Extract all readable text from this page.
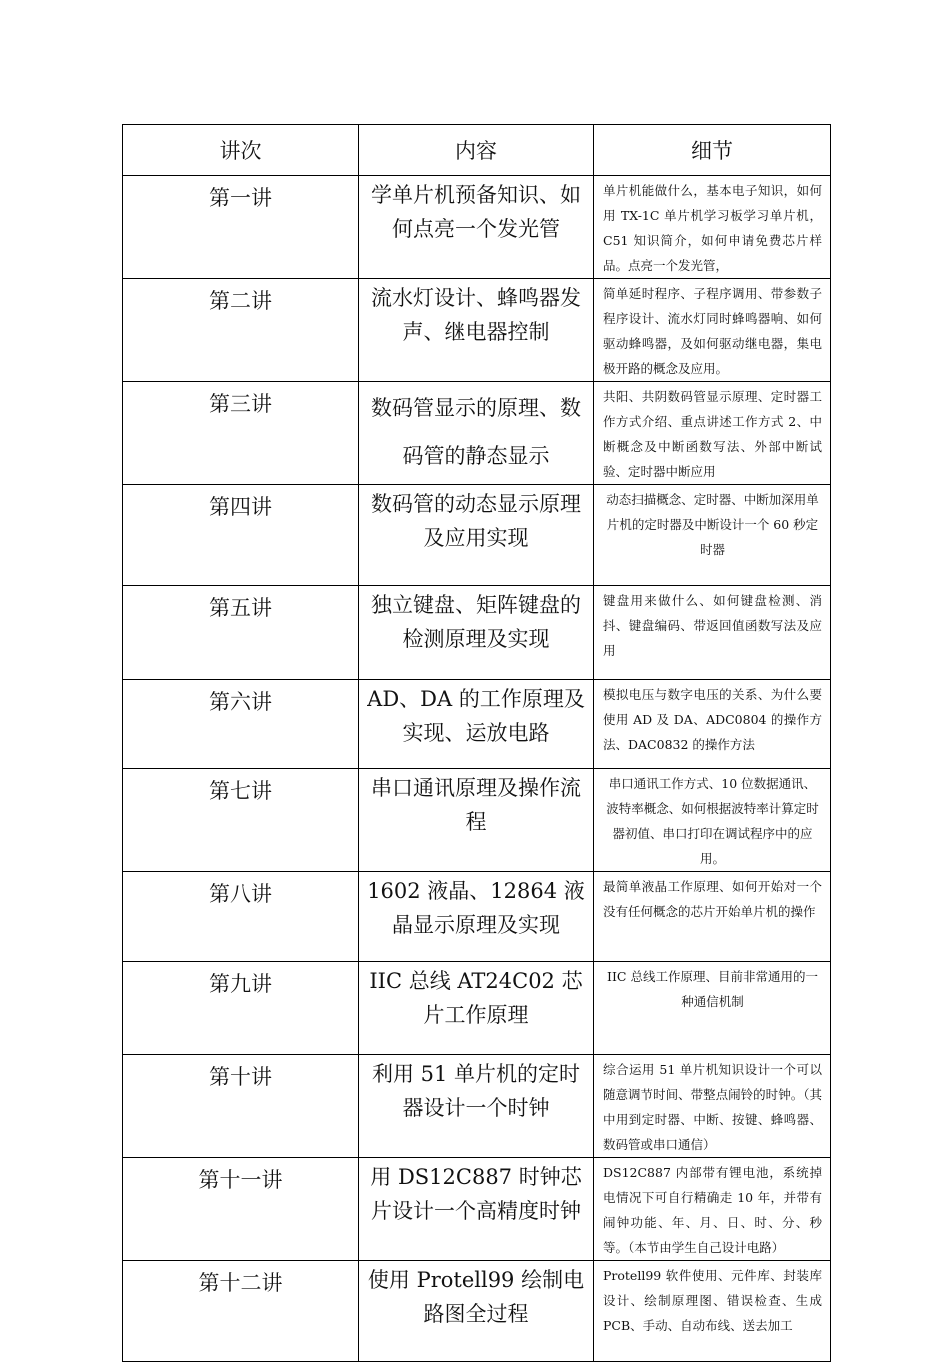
讲次	内容	细节
第一讲	学单片机预备知识、如何点亮一个发光管	单片机能做什么，基本电子知识，如何用 TX-1C 单片机学习板学习单片机，C51 知识简介，如何申请免费芯片样品。点亮一个发光管，
第二讲	流水灯设计、蜂鸣器发声、继电器控制	简单延时程序、子程序调用、带参数子程序设计、流水灯同时蜂鸣器响、如何驱动蜂鸣器，及如何驱动继电器，集电极开路的概念及应用。
第三讲	数码管显示的原理、数码管的静态显示	共阳、共阴数码管显示原理、定时器工作方式介绍、重点讲述工作方式 2、中断概念及中断函数写法、外部中断试验、定时器中断应用
第四讲	数码管的动态显示原理及应用实现	动态扫描概念、定时器、中断加深用单片机的定时器及中断设计一个 60 秒定时器
第五讲	独立键盘、矩阵键盘的检测原理及实现	键盘用来做什么、如何键盘检测、消抖、键盘编码、带返回值函数写法及应用
第六讲	AD、DA 的工作原理及实现、运放电路	模拟电压与数字电压的关系、为什么要使用 AD 及 DA、ADC0804 的操作方法、DAC0832 的操作方法
第七讲	串口通讯原理及操作流程	串口通讯工作方式、10 位数据通讯、波特率概念、如何根据波特率计算定时器初值、串口打印在调试程序中的应用。
第八讲	1602 液晶、12864 液晶显示原理及实现	最简单液晶工作原理、如何开始对一个没有任何概念的芯片开始单片机的操作
第九讲	IIC 总线 AT24C02 芯片工作原理	IIC 总线工作原理、目前非常通用的一种通信机制
第十讲	利用 51 单片机的定时器设计一个时钟	综合运用 51 单片机知识设计一个可以随意调节时间、带整点闹铃的时钟。（其中用到定时器、中断、按键、蜂鸣器、数码管或串口通信）
第十一讲	用 DS12C887 时钟芯片设计一个高精度时钟	DS12C887 内部带有锂电池，系统掉电情况下可自行精确走 10 年，并带有闹钟功能、年、月、日、时、分、秒等。（本节由学生自己设计电路）
第十二讲	使用 Protell99 绘制电路图全过程	Protell99 软件使用、元件库、封装库设计、绘制原理图、错误检查、生成 PCB、手动、自动布线、送去加工
